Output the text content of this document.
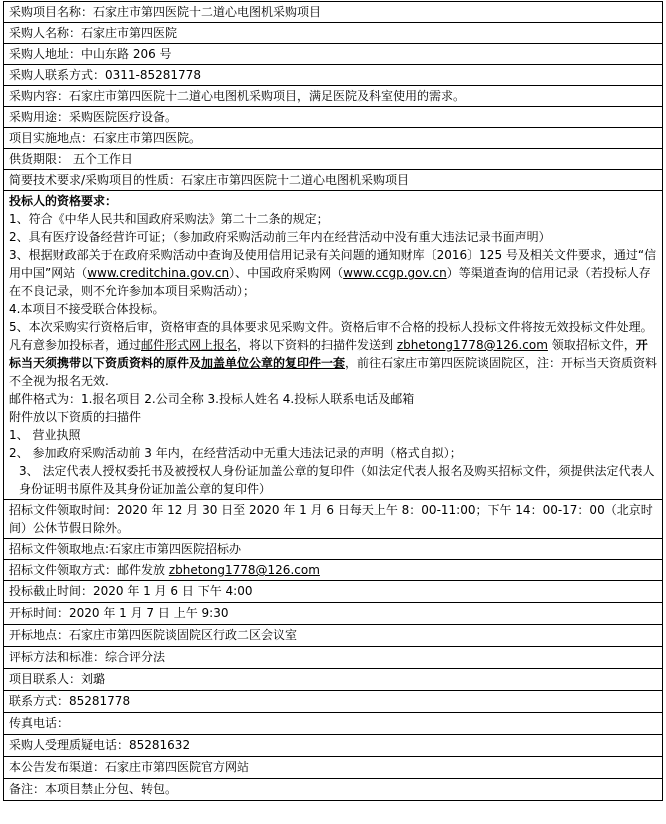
采购项目名称：石家庄市第四医院十二道心电图机采购项目
采购人名称：石家庄市第四医院
采购人地址：中山东路 206 号
采购人联系方式：0311-85281778
采购内容：石家庄市第四医院十二道心电图机采购项目，满足医院及科室使用的需求。
采购用途：采购医院医疗设备。
项目实施地点：石家庄市第四医院。
供货期限： 五个工作日
简要技术要求/采购项目的性质：石家庄市第四医院十二道心电图机采购项目

投标人的资格要求：
1、符合《中华人民共和国政府采购法》第二十二条的规定；
2、具有医疗设备经营许可证；（参加政府采购活动前三年内在经营活动中没有重大违法记录书面声明）
3、根据财政部关于在政府采购活动中查询及使用信用记录有关问题的通知财库〔2016〕125 号及相关文件要求，通过“信用中国”网站（www.creditchina.gov.cn）、中国政府采购网（www.ccgp.gov.cn）等渠道查询的信用记录（若投标人存在不良记录，则不允许参加本项目采购活动）；
4.本项目不接受联合体投标。
5、本次采购实行资格后审，资格审查的具体要求见采购文件。资格后审不合格的投标人投标文件将按无效投标文件处理。
凡有意参加投标者，通过邮件形式网上报名，将以下资料的扫描件发送到 zbhetong1778@126.com 领取招标文件，开标当天须携带以下资质资料的原件及加盖单位公章的复印件一套，前往石家庄市第四医院谈固院区，注：开标当天资质资料不全视为报名无效.
邮件格式为：1.报名项目 2.公司全称 3.投标人姓名 4.投标人联系电话及邮箱
附件放以下资质的扫描件
1、 营业执照
2、 参加政府采购活动前 3 年内，在经营活动中无重大违法记录的声明（格式自拟）；
3、 法定代表人授权委托书及被授权人身份证加盖公章的复印件（如法定代表人报名及购买招标文件，须提供法定代表人身份证明书原件及其身份证加盖公章的复印件）

招标文件领取时间：2020 年 12 月 30 日至 2020 年 1 月 6 日每天上午 8：00-11:00；下午 14：00-17：00（北京时间）公休节假日除外。
招标文件领取地点:石家庄市第四医院招标办
招标文件领取方式：邮件发放 zbhetong1778@126.com
投标截止时间：2020 年 1 月 6 日 下午 4:00
开标时间：2020 年 1 月 7 日 上午 9:30
开标地点：石家庄市第四医院谈固院区行政二区会议室
评标方法和标准：综合评分法
项目联系人：刘璐
联系方式：85281778
传真电话：
采购人受理质疑电话：85281632
本公告发布渠道：石家庄市第四医院官方网站
备注：本项目禁止分包、转包。
